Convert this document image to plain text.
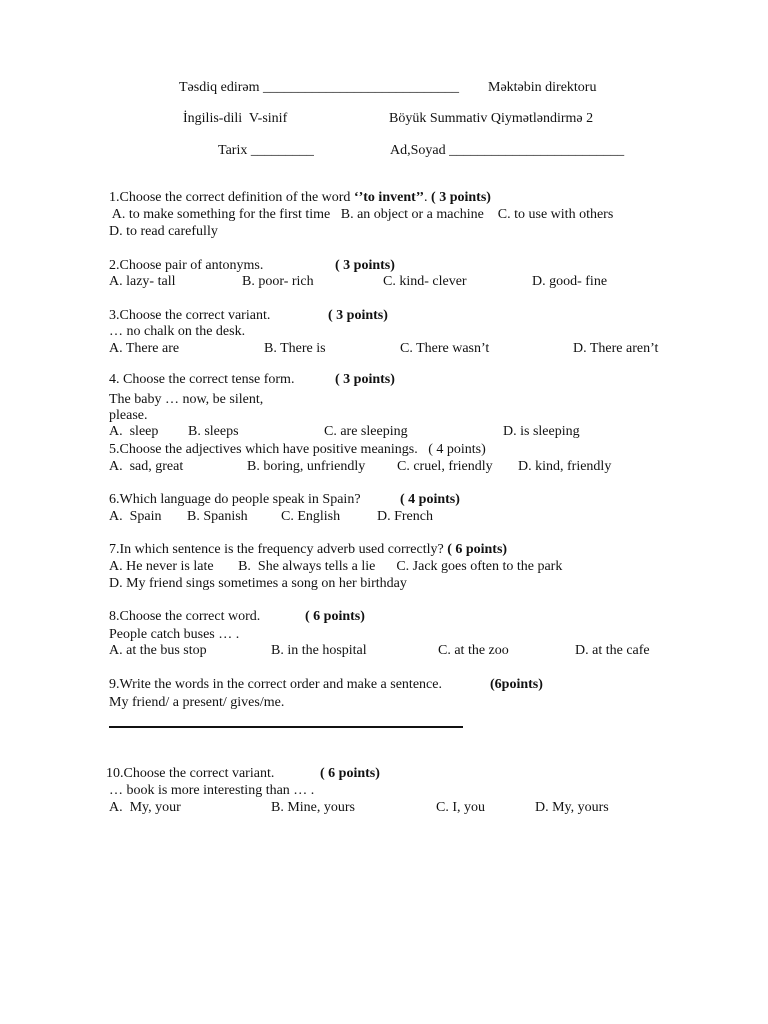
Təsdiq edirəm ____________________________ Məktəbin direktoru
İngilis-dili  V-sinif	Böyük Summativ Qiymətləndirmə 2
Tarix _________	Ad,Soyad _________________________
1.Choose the correct definition of the word ‘’to invent’’. ( 3 points)
A. to make something for the first time   B. an object or a machine    C. to use with others
D. to read carefully
2.Choose pair of antonyms.	( 3 points)
A. lazy- tall	B. poor- rich	C. kind- clever	D. good- fine
3.Choose the correct variant.	( 3 points)
… no chalk on the desk.
A. There are	B. There is	C. There wasn’t	D. There aren’t
4. Choose the correct tense form.	( 3 points)
The baby … now, be silent,
please.
A.  sleep B. sleeps	C. are sleeping	D. is sleeping
5.Choose the adjectives which have positive meanings.   ( 4 points)
A.  sad, great	B. boring, unfriendly C. cruel, friendly D. kind, friendly
6.Which language do people speak in Spain?	( 4 points)
A.  Spain B. Spanish C. English	D. French
7.In which sentence is the frequency adverb used correctly? ( 6 points)
A. He never is late       B.  She always tells a lie      C. Jack goes often to the park
D. My friend sings sometimes a song on her birthday
8.Choose the correct word.	( 6 points)
People catch buses … .
A. at the bus stop	B. in the hospital	C. at the zoo	D. at the cafe
9.Write the words in the correct order and make a sentence.	(6points)
My friend/ a present/ gives/me.
10.Choose the correct variant.	( 6 points)
… book is more interesting than … .
A.  My, your	B. Mine, yours	C. I, you	D. My, yours
